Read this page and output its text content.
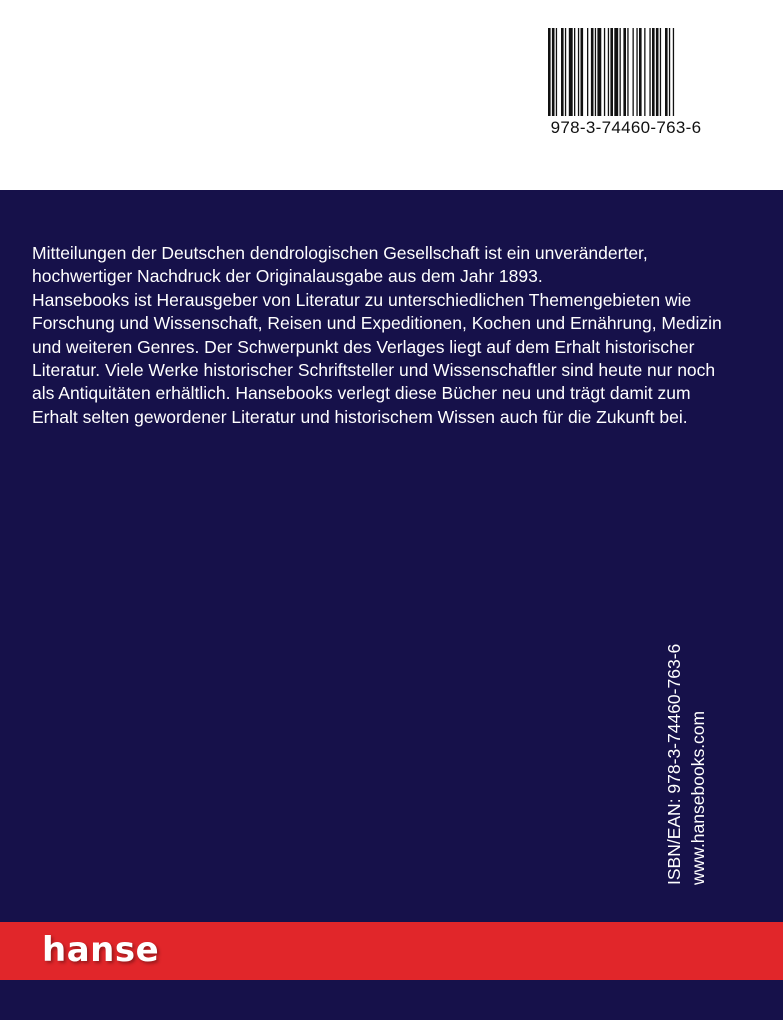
978-3-74460-763-6

Mitteilungen der Deutschen dendrologischen Gesellschaft ist ein unveränderter, hochwertiger Nachdruck der Originalausgabe aus dem Jahr 1893.

Hansebooks ist Herausgeber von Literatur zu unterschiedlichen Themengebieten wie Forschung und Wissenschaft, Reisen und Expeditionen, Kochen und Ernährung, Medizin und weiteren Genres. Der Schwerpunkt des Verlages liegt auf dem Erhalt historischer Literatur. Viele Werke historischer Schriftsteller und Wissenschaftler sind heute nur noch als Antiquitäten erhältlich. Hansebooks verlegt diese Bücher neu und trägt damit zum Erhalt selten gewordener Literatur und historischem Wissen auch für die Zukunft bei.

ISBN/EAN: 978-3-74460-763-6 www.hansebooks.com
hanse
